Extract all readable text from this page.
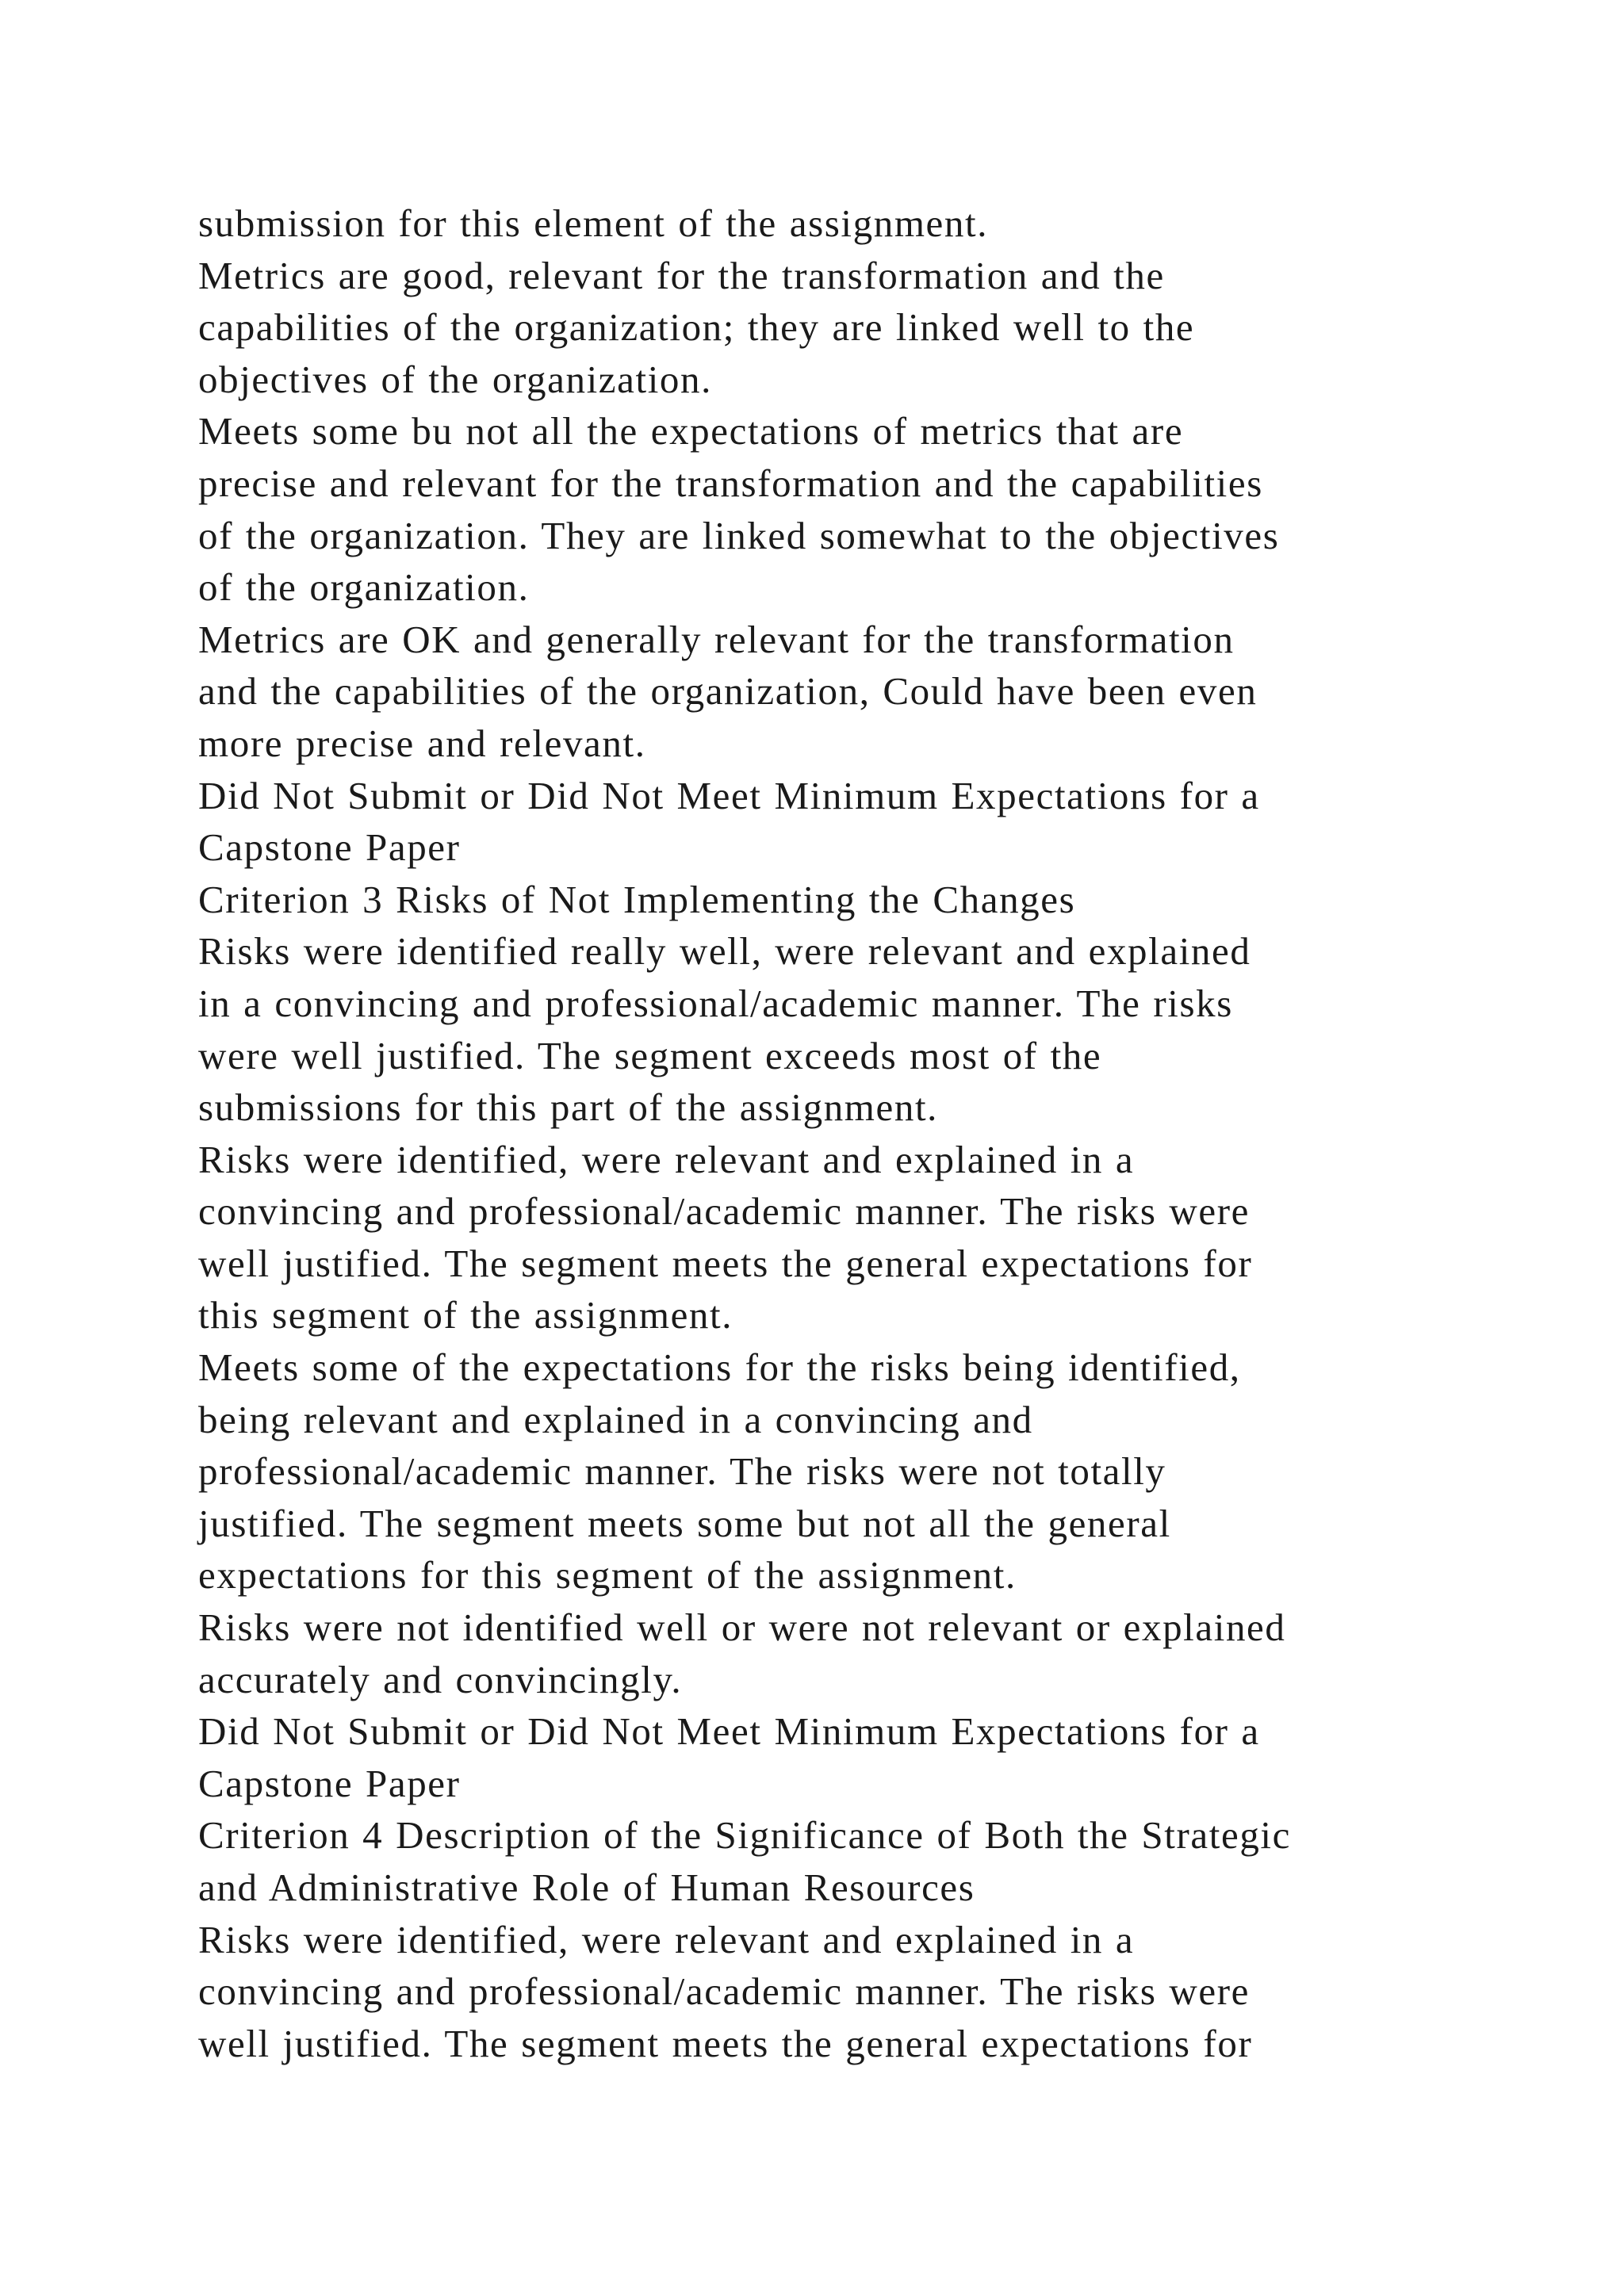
submission for this element of the assignment.

Metrics are good, relevant for the transformation and the

capabilities of the organization; they are linked well to the

objectives of the organization.

Meets some bu not all the expectations of metrics that are

precise and relevant for the transformation and the capabilities

of the organization. They are linked somewhat to the objectives

of the organization.

Metrics are OK and generally relevant for the transformation

and the capabilities of the organization, Could have been even

more precise and relevant.

Did Not Submit or Did Not Meet Minimum Expectations for a

Capstone Paper

Criterion 3 Risks of Not Implementing the Changes

Risks were identified really well, were relevant and explained

in a convincing and professional/academic manner. The risks

were well justified. The segment exceeds most of the

submissions for this part of the assignment.

Risks were identified, were relevant and explained in a

convincing and professional/academic manner. The risks were

well justified. The segment meets the general expectations for

this segment of the assignment.

Meets some of the expectations for the risks being identified,

being relevant and explained in a convincing and

professional/academic manner. The risks were not totally

justified. The segment meets some but not all the general

expectations for this segment of the assignment.

Risks were not identified well or were not relevant or explained

accurately and convincingly.

Did Not Submit or Did Not Meet Minimum Expectations for a

Capstone Paper

Criterion 4 Description of the Significance of Both the Strategic

and Administrative Role of Human Resources

Risks were identified, were relevant and explained in a

convincing and professional/academic manner. The risks were

well justified. The segment meets the general expectations for
